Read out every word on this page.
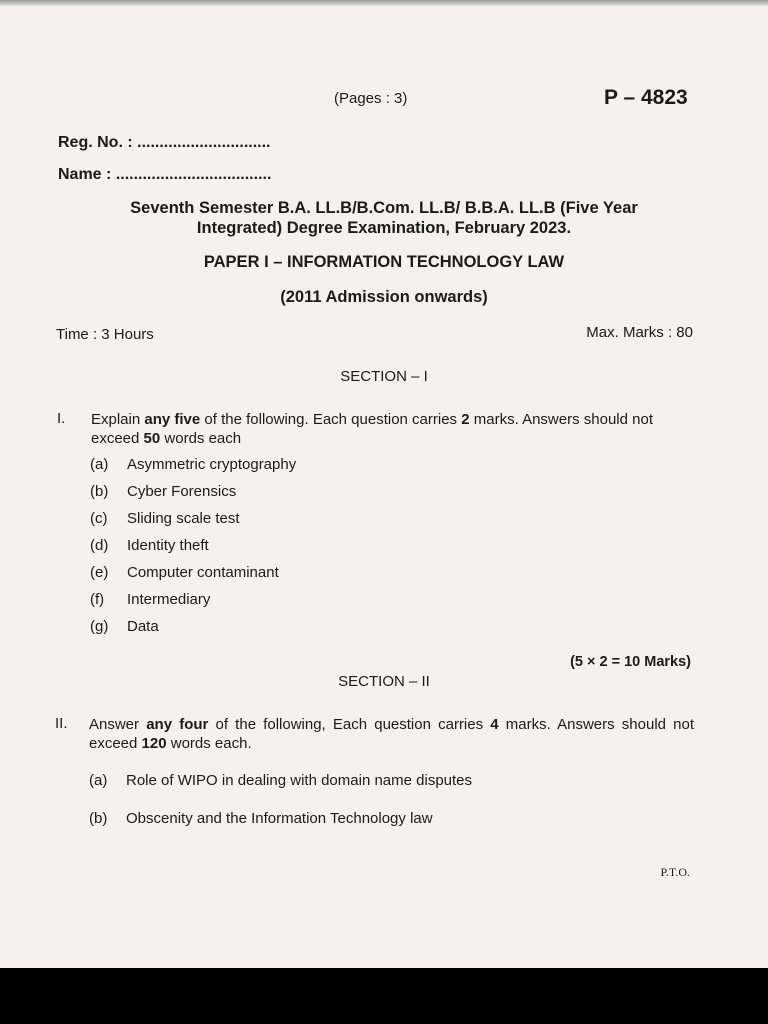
(Pages : 3)	P – 4823
Reg. No. : ..............................
Name : ...................................
Seventh Semester B.A. LL.B/B.Com. LL.B/ B.B.A. LL.B (Five Year
Integrated) Degree Examination, February 2023.
PAPER I – INFORMATION TECHNOLOGY LAW
(2011 Admission onwards)
Time : 3 Hours	Max. Marks : 80
SECTION – I
I. Explain any five of the following. Each question carries 2 marks. Answers should not exceed 50 words each
(a) Asymmetric cryptography
(b) Cyber Forensics
(c) Sliding scale test
(d) Identity theft
(e) Computer contaminant
(f) Intermediary
(g) Data
(5 × 2 = 10 Marks)
SECTION – II
II. Answer any four of the following, Each question carries 4 marks. Answers should not exceed 120 words each.
(a) Role of WIPO in dealing with domain name disputes
(b) Obscenity and the Information Technology law
P.T.O.
